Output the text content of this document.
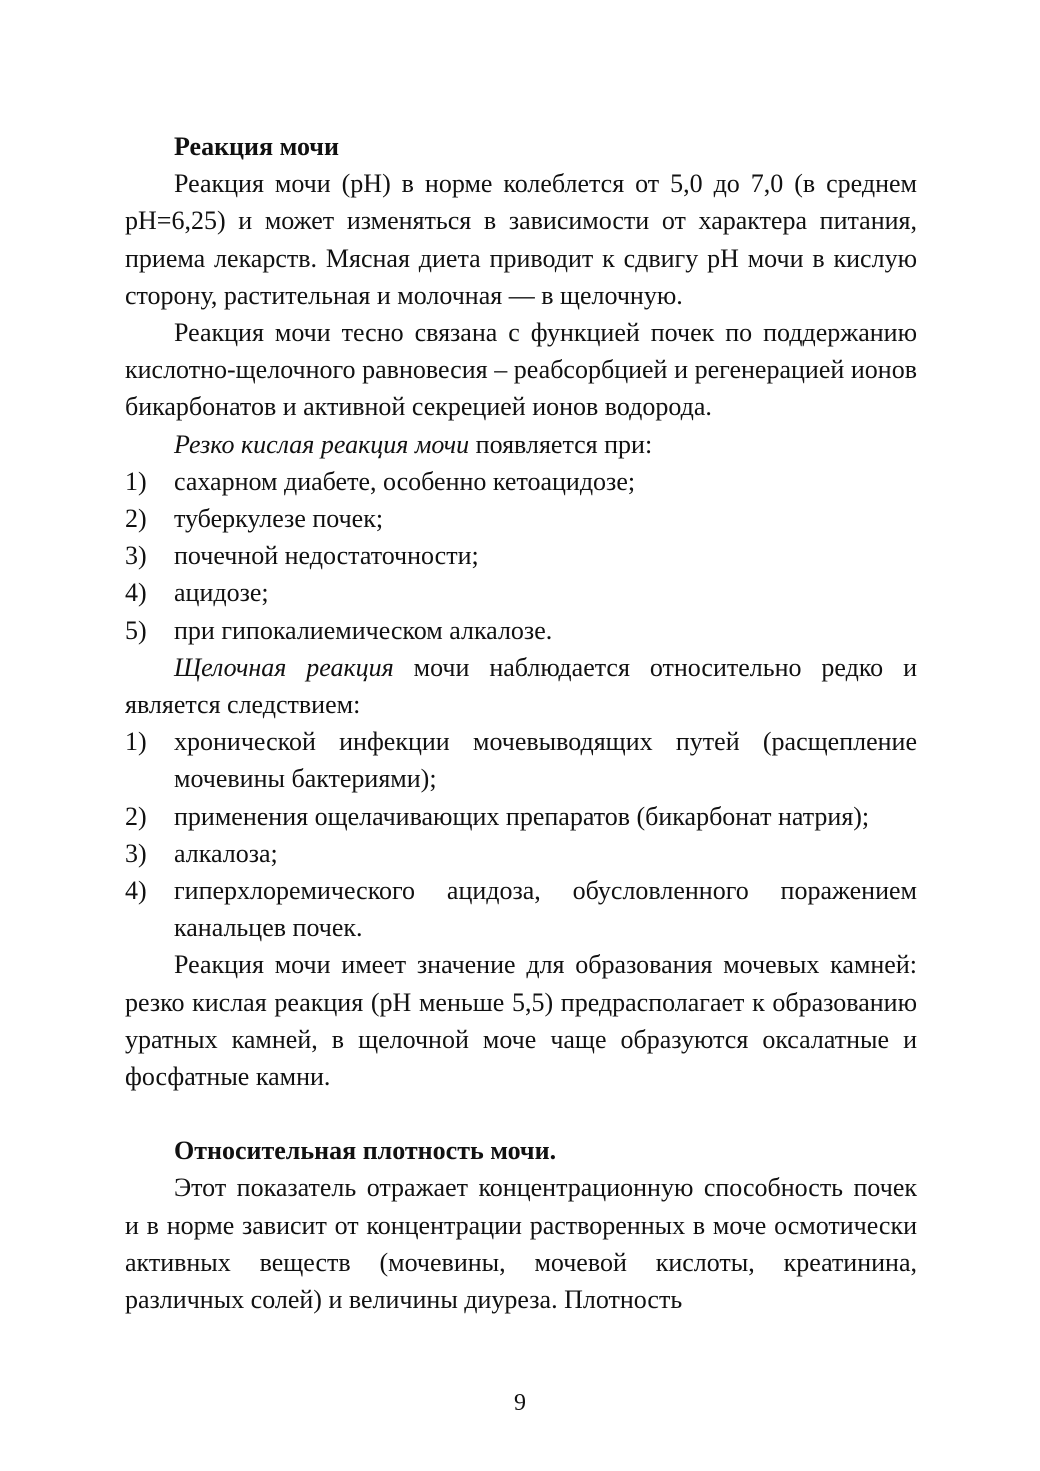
Реакция мочи

Реакция мочи (pH) в норме колеблется от 5,0 до 7,0 (в среднем pH=6,25) и может изменяться в зависимости от характера питания, приема лекарств. Мясная диета приводит к сдвигу pH мочи в кислую сторону, растительная и молочная — в щелочную.

Реакция мочи тесно связана с функцией почек по поддержанию кислотно-щелочного равновесия – реабсорбцией и регенерацией ионов бикарбонатов и активной секрецией ионов водорода.

Резко кислая реакция мочи появляется при:

1) сахарном диабете, особенно кетоацидозе;
2) туберкулезе почек;
3) почечной недостаточности;
4) ацидозе;
5) при гипокалиемическом алкалозе.

Щелочная реакция мочи наблюдается относительно редко и является следствием:

1) хронической инфекции мочевыводящих путей (расщепление мочевины бактериями);
2) применения ощелачивающих препаратов (бикарбонат натрия);
3) алкалоза;
4) гиперхлоремического ацидоза, обусловленного поражением канальцев почек.

Реакция мочи имеет значение для образования мочевых камней: резко кислая реакция (pH меньше 5,5) предрасполагает к образованию уратных камней, в щелочной моче чаще образуются оксалатные и фосфатные камни.

Относительная плотность мочи.

Этот показатель отражает концентрационную способность почек и в норме зависит от концентрации растворенных в моче осмотически активных веществ (мочевины, мочевой кислоты, креатинина, различных солей) и величины диуреза. Плотность

9
